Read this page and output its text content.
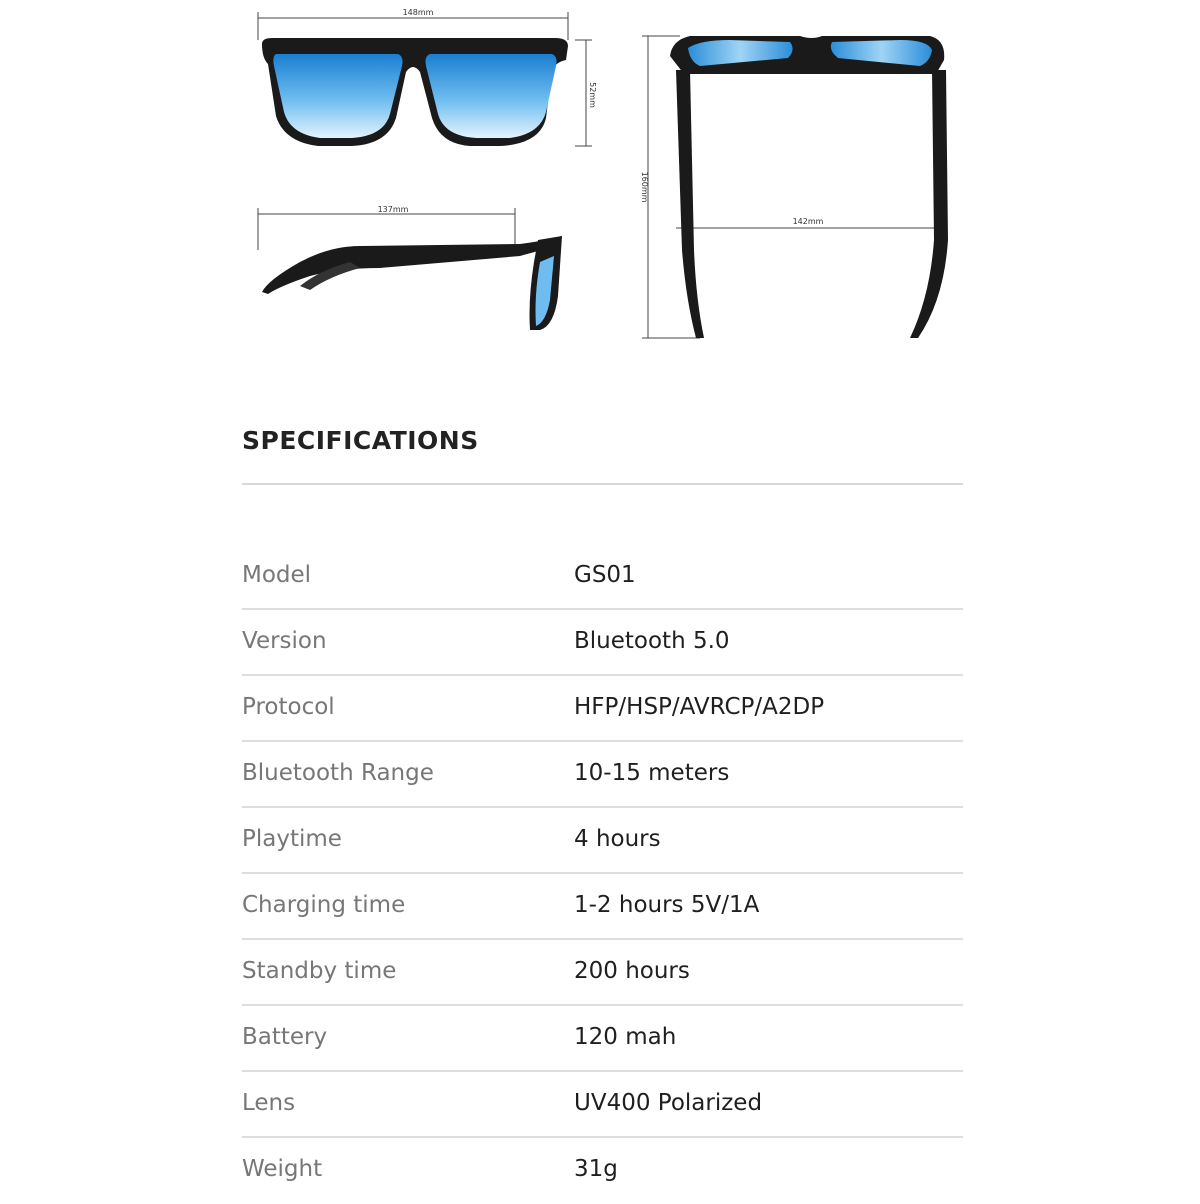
148mm
52mm
137mm
160mm
142mm
SPECIFICATIONS
Model	GS01
Version	Bluetooth 5.0
Protocol	HFP/HSP/AVRCP/A2DP
Bluetooth Range	10-15 meters
Playtime	4 hours
Charging time	1-2 hours 5V/1A
Standby time	200 hours
Battery	120 mah
Lens	UV400 Polarized
Weight	31g
